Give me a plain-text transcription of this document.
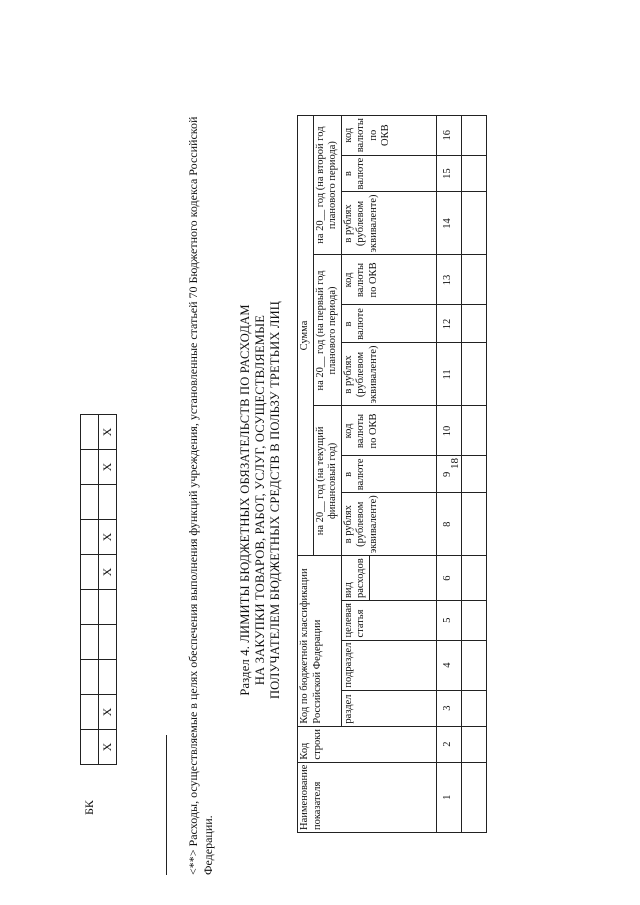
18
БК										
	X	X				X	X		X	X	<**> Расходы, осуществляемые в целях обеспечения выполнения функций учреждения, установленные статьей 70 Бюджетного кодекса Российской Федерации.
Раздел 4. ЛИМИТЫ БЮДЖЕТНЫХ ОБЯЗАТЕЛЬСТВ ПО РАСХОДАМ НА ЗАКУПКИ ТОВАРОВ, РАБОТ, УСЛУГ, ОСУЩЕСТВЛЯЕМЫЕ ПОЛУЧАТЕЛЕМ БЮДЖЕТНЫХ СРЕДСТВ В ПОЛЬЗУ ТРЕТЬИХ ЛИЦ
Наименование показателя	Код строки	Код по бюджетной классификации Российской Федерации				Сумма								
						на 20__ год (на текущий финансовый год)			на 20__ год (на первый год планового периода)			на 20__ год (на второй год планового периода)		
		раздел	подраздел	целевая статья	вид расходов	в рублях (рублевом эквиваленте)	в валюте	код валюты по ОКВ	в рублях (рублевом эквиваленте)	в валюте	код валюты по ОКВ	в рублях (рублевом эквиваленте)	в валюте	код валюты по ОКВ

1	2	3	4	5	6	8	9	10	11	12	13	14	15	16
